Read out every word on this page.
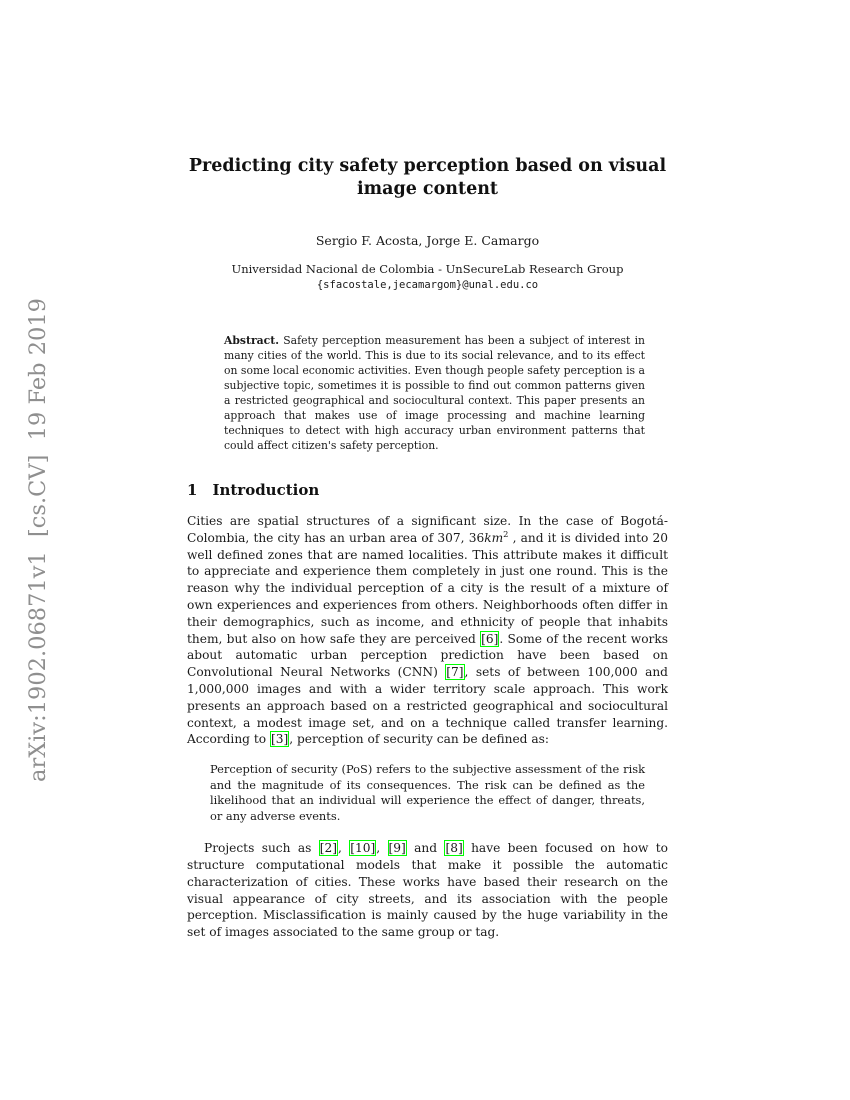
arXiv:1902.06871v1  [cs.CV]  19 Feb 2019
Predicting city safety perception based on visual image content
Sergio F. Acosta, Jorge E. Camargo
Universidad Nacional de Colombia - UnSecureLab Research Group
{sfacostale,jecamargom}@unal.edu.co

Abstract. Safety perception measurement has been a subject of interest in many cities of the world. This is due to its social relevance, and to its effect on some local economic activities. Even though people safety perception is a subjective topic, sometimes it is possible to find out common patterns given a restricted geographical and sociocultural context. This paper presents an approach that makes use of image processing and machine learning techniques to detect with high accuracy urban environment patterns that could affect citizen's safety perception.

1 Introduction

Cities are spatial structures of a significant size. In the case of Bogotá-Colombia, the city has an urban area of 307, $36km^2$ , and it is divided into 20 well defined zones that are named localities. This attribute makes it difficult to appreciate and experience them completely in just one round. This is the reason why the individual perception of a city is the result of a mixture of own experiences and experiences from others. Neighborhoods often differ in their demographics, such as income, and ethnicity of people that inhabits them, but also on how safe they are perceived [6]. Some of the recent works about automatic urban perception prediction have been based on Convolutional Neural Networks (CNN) [7], sets of between 100,000 and 1,000,000 images and with a wider territory scale approach. This work presents an approach based on a restricted geographical and sociocultural context, a modest image set, and on a technique called transfer learning. According to [3], perception of security can be defined as:

Perception of security (PoS) refers to the subjective assessment of the risk and the magnitude of its consequences. The risk can be defined as the likelihood that an individual will experience the effect of danger, threats, or any adverse events.

Projects such as [2], [10], [9] and [8] have been focused on how to structure computational models that make it possible the automatic characterization of cities. These works have based their research on the visual appearance of city streets, and its association with the people perception. Misclassification is mainly caused by the huge variability in the set of images associated to the same group or tag.
